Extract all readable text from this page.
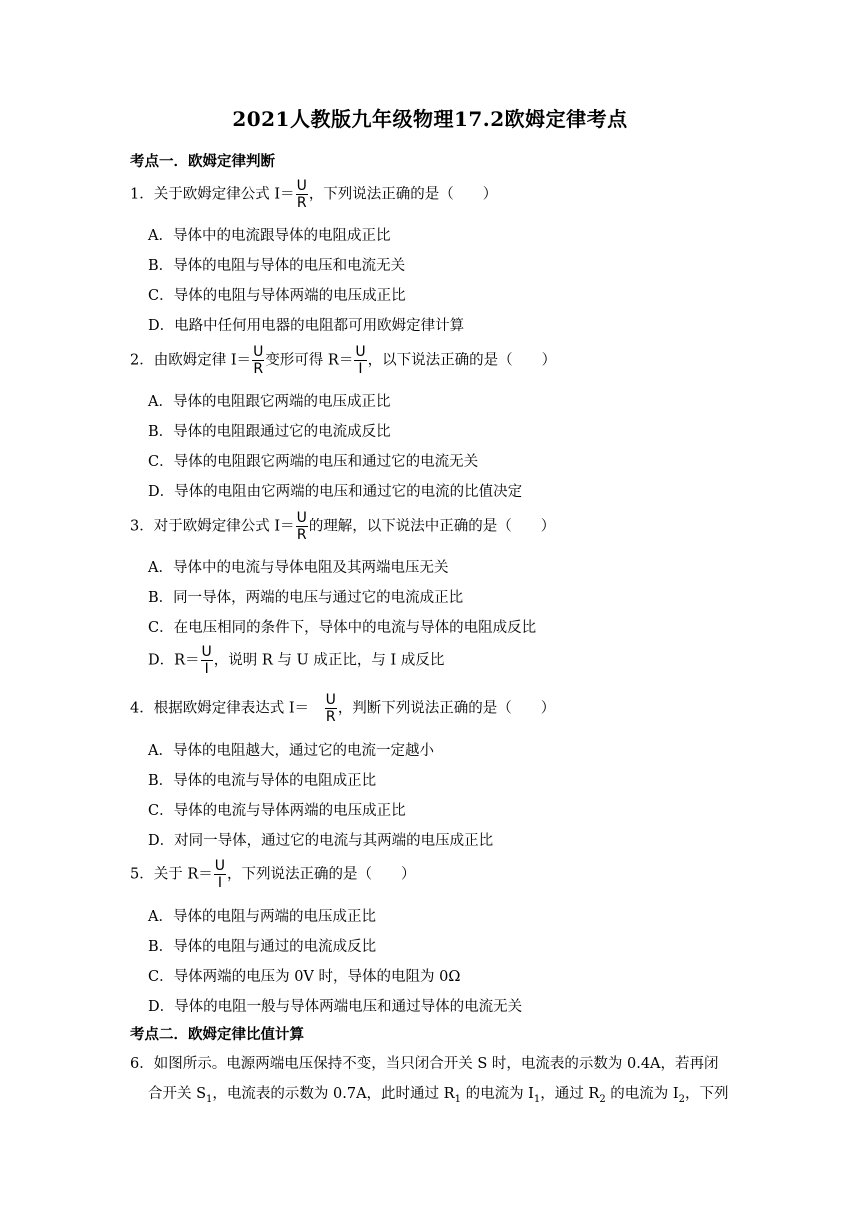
2021人教版九年级物理17.2欧姆定律考点
考点一．欧姆定律判断
1．关于欧姆定律公式 $I= \frac{U}{R}$ ，下列说法正确的是（　　）
A．导体中的电流跟导体的电阻成正比
B．导体的电阻与导体的电压和电流无关
C．导体的电阻与导体两端的电压成正比
D．电路中任何用电器的电阻都可用欧姆定律计算
2．由欧姆定律 $I= \frac{U}{R}$ 变形可得 $R= \frac{U}{I}$ ，以下说法正确的是（　　）
A．导体的电阻跟它两端的电压成正比
B．导体的电阻跟通过它的电流成反比
C．导体的电阻跟它两端的电压和通过它的电流无关
D．导体的电阻由它两端的电压和通过它的电流的比值决定
3．对于欧姆定律公式 $I= \frac{U}{R}$ 的理解，以下说法中正确的是（　　）
A．导体中的电流与导体电阻及其两端电压无关
B．同一导体，两端的电压与通过它的电流成正比
C．在电压相同的条件下，导体中的电流与导体的电阻成反比
D．$R= \frac{U}{I}$ ，说明 R 与 U 成正比，与 I 成反比
4．根据欧姆定律表达式 I＝　 $\frac{U}{R}$ ，判断下列说法正确的是（　　）
A．导体的电阻越大，通过它的电流一定越小
B．导体的电流与导体的电阻成正比
C．导体的电流与导体两端的电压成正比
D．对同一导体，通过它的电流与其两端的电压成正比
5．关于 $R= \frac{U}{I}$ ，下列说法正确的是（　　）
A．导体的电阻与两端的电压成正比
B．导体的电阻与通过的电流成反比
C．导体两端的电压为 0V 时，导体的电阻为 0Ω
D．导体的电阻一般与导体两端电压和通过导体的电流无关
考点二．欧姆定律比值计算
6．如图所示。电源两端电压保持不变，当只闭合开关 S 时，电流表的示数为 0.4A，若再闭
合开关 $S_1$，电流表的示数为 0.7A，此时通过 $R_1$ 的电流为 $I_1$，通过 $R_2$ 的电流为 $I_2$，下列
